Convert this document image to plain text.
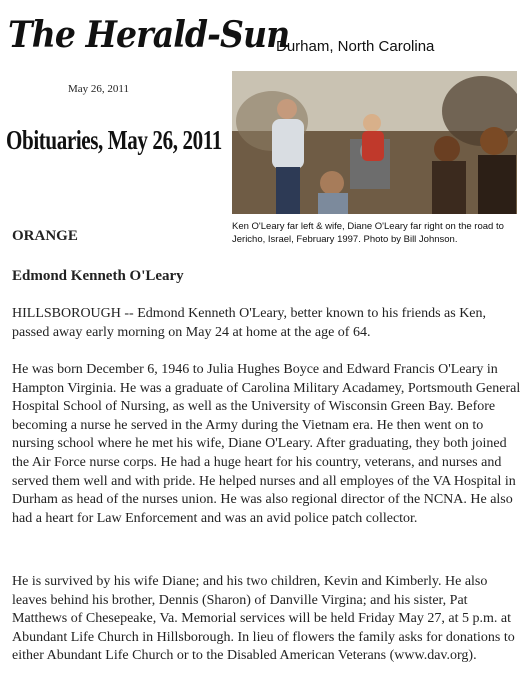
The Herald-Sun
Durham, North Carolina
May 26, 2011
Obituaries, May 26, 2011
Ken O'Leary far left & wife, Diane O'Leary far right on the road to Jericho, Israel, February 1997. Photo by Bill Johnson.
ORANGE
Edmond Kenneth O'Leary

HILLSBOROUGH -- Edmond Kenneth O'Leary, better known to his friends as Ken, passed away early morning on May 24 at home at the age of 64.

He was born December 6, 1946 to Julia Hughes Boyce and Edward Francis O'Leary in Hampton Virginia. He was a graduate of Carolina Military Acadamey, Portsmouth General Hospital School of Nursing, as well as the University of Wisconsin Green Bay. Before becoming a nurse he served in the Army during the Vietnam era. He then went on to nursing school where he met his wife, Diane O'Leary. After graduating, they both joined the Air Force nurse corps. He had a huge heart for his country, veterans, and nurses and served them well and with pride. He helped nurses and all employes of the VA Hospital in Durham as head of the nurses union. He was also regional director of the NCNA. He also had a heart for Law Enforcement and was an avid police patch collector.

He is survived by his wife Diane; and his two children, Kevin and Kimberly. He also leaves behind his brother, Dennis (Sharon) of Danville Virgina; and his sister, Pat Matthews of Chesepeake, Va. Memorial services will be held Friday May 27, at 5 p.m. at Abundant Life Church in Hillsborough. In lieu of flowers the family asks for donations to either Abundant Life Church or to the Disabled American Veterans (www.dav.org).
